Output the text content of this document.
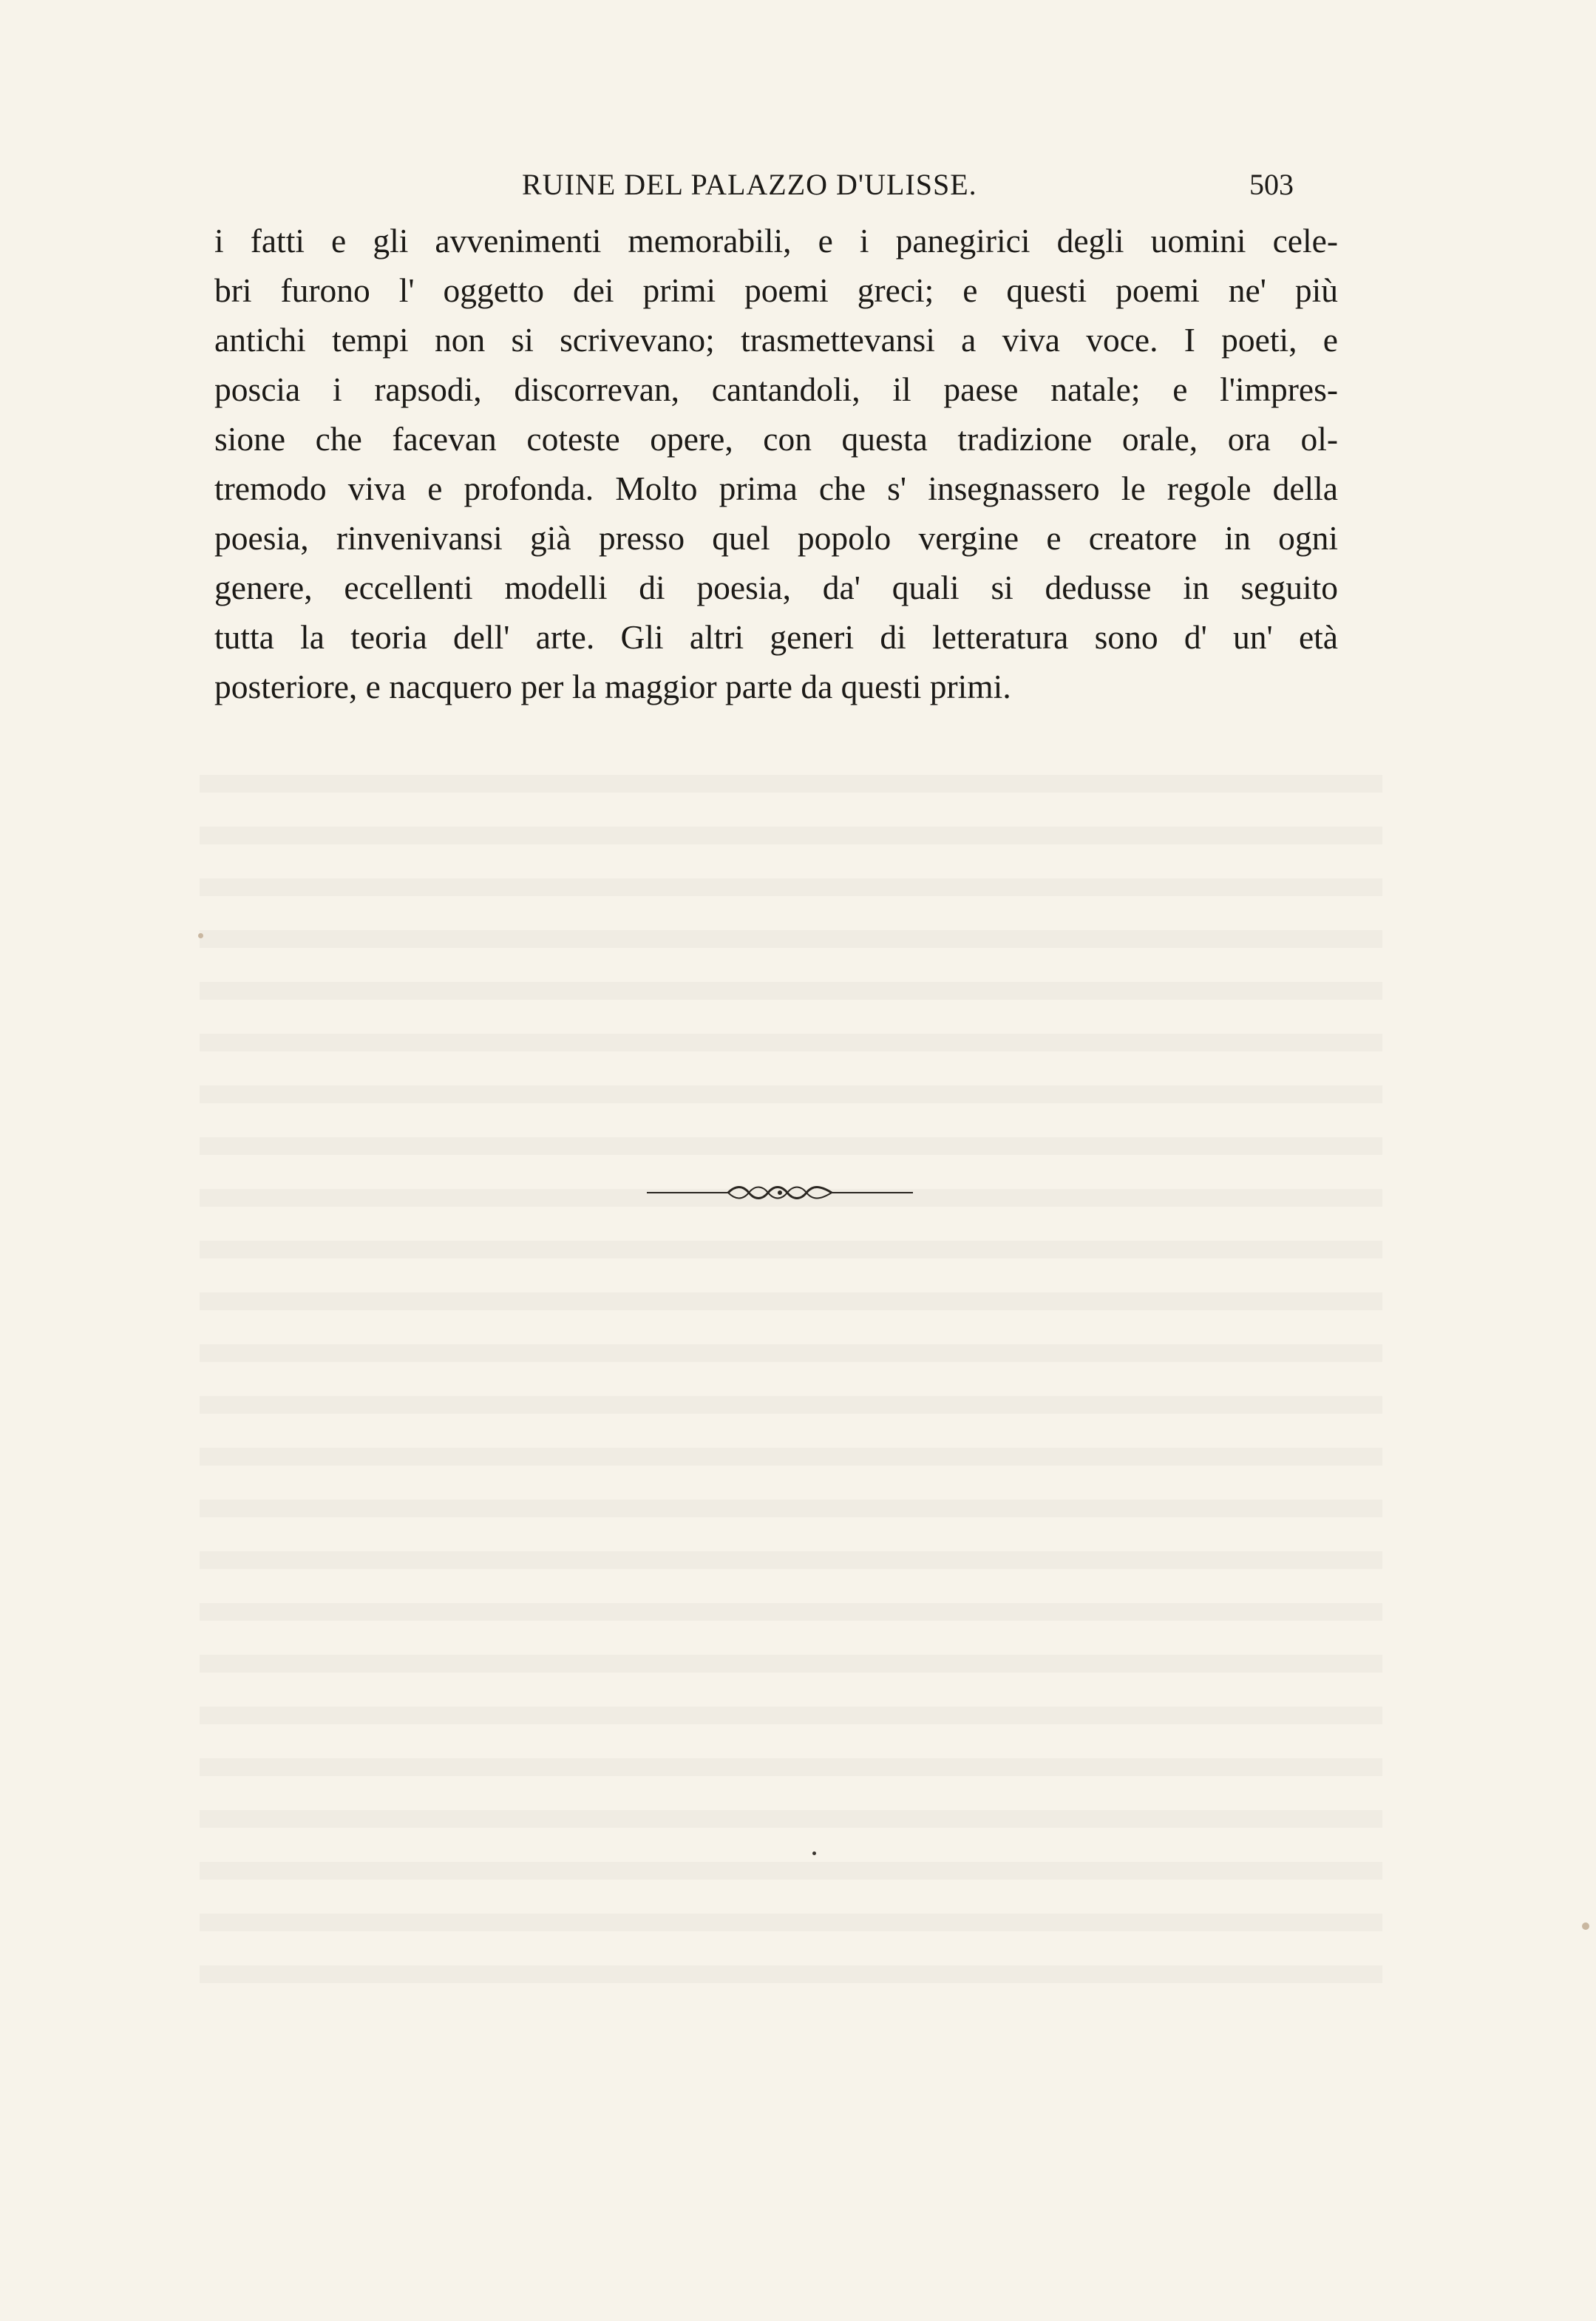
RUINE DEL PALAZZO D'ULISSE.	503
i fatti e gli avvenimenti memorabili, e i panegirici degli uomini cele-
bri furono l' oggetto dei primi poemi greci; e questi poemi ne' più
antichi tempi non si scrivevano; trasmettevansi a viva voce. I poeti, e
poscia i rapsodi, discorrevan, cantandoli, il paese natale; e l'impres-
sione che facevan coteste opere, con questa tradizione orale, ora ol-
tremodo viva e profonda. Molto prima che s' insegnassero le regole della
poesia, rinvenivansi già presso quel popolo vergine e creatore in ogni
genere, eccellenti modelli di poesia, da' quali si dedusse in seguito
tutta la teoria dell' arte. Gli altri generi di letteratura sono d' un' età
posteriore, e nacquero per la maggior parte da questi primi.
